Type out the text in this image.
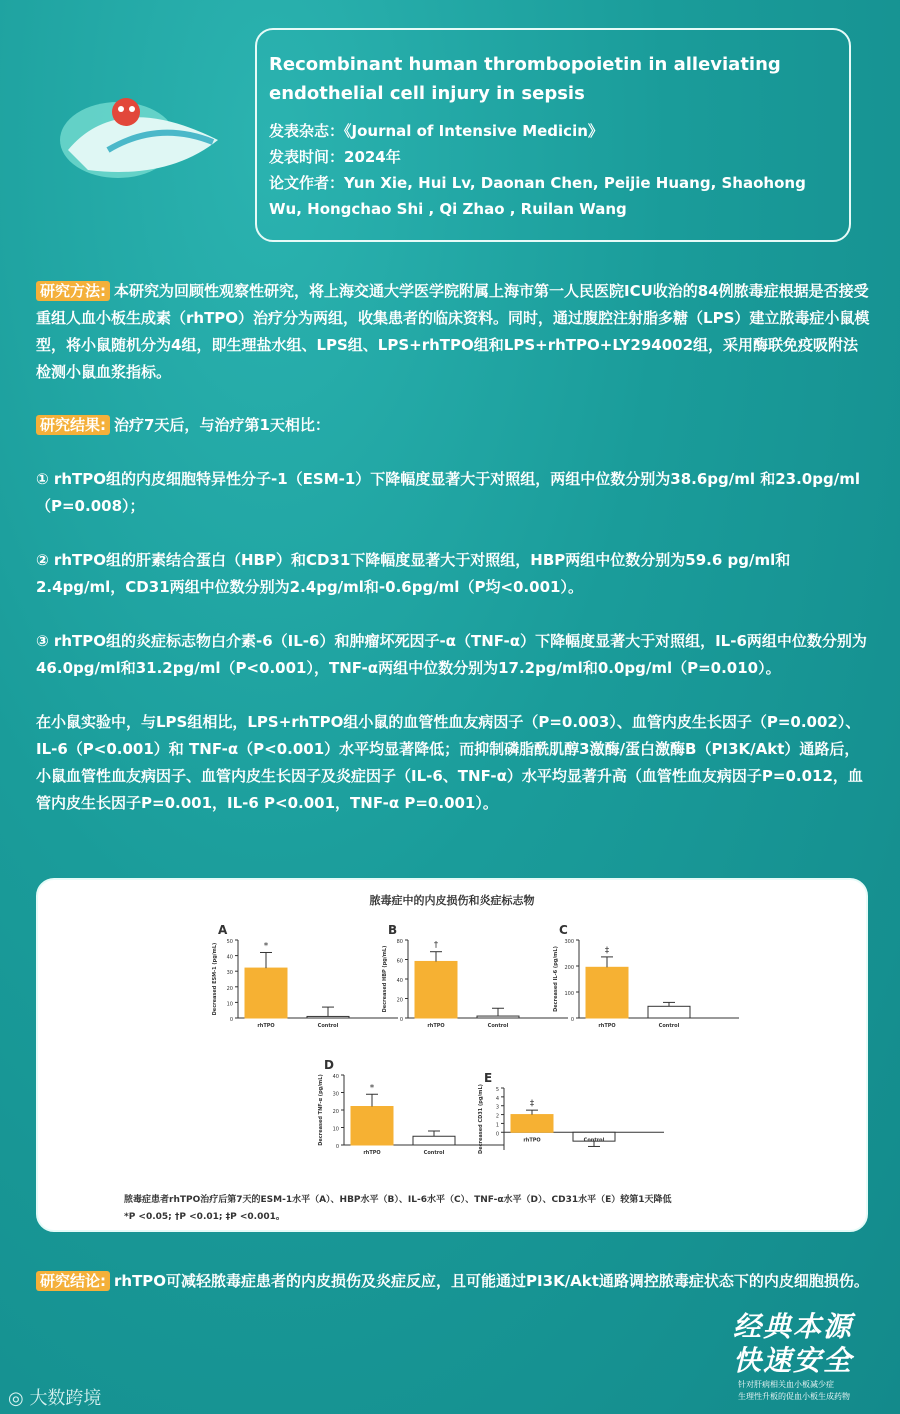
Recombinant human thrombopoietin in alleviating endothelial cell injury in sepsis

发表杂志：《Journal of Intensive Medicin》

发表时间：2024年

论文作者：Yun Xie, Hui Lv, Daonan Chen, Peijie Huang, Shaohong Wu, Hongchao Shi , Qi Zhao , Ruilan Wang

研究方法: 本研究为回顾性观察性研究，将上海交通大学医学院附属上海市第一人民医院ICU收治的84例脓毒症根据是否接受重组人血小板生成素（rhTPO）治疗分为两组，收集患者的临床资料。同时，通过腹腔注射脂多糖（LPS）建立脓毒症小鼠模型，将小鼠随机分为4组，即生理盐水组、LPS组、LPS+rhTPO组和LPS+rhTPO+LY294002组，采用酶联免疫吸附法检测小鼠血浆指标。

研究结果: 治疗7天后，与治疗第1天相比：

① rhTPO组的内皮细胞特异性分子-1（ESM-1）下降幅度显著大于对照组，两组中位数分别为38.6pg/ml 和23.0pg/ml（P=0.008）；

② rhTPO组的肝素结合蛋白（HBP）和CD31下降幅度显著大于对照组，HBP两组中位数分别为59.6 pg/ml和2.4pg/ml，CD31两组中位数分别为2.4pg/ml和-0.6pg/ml（P均<0.001）。

③ rhTPO组的炎症标志物白介素-6（IL-6）和肿瘤坏死因子-α（TNF-α）下降幅度显著大于对照组，IL-6两组中位数分别为46.0pg/ml和31.2pg/ml（P<0.001），TNF-α两组中位数分别为17.2pg/ml和0.0pg/ml（P=0.010）。

在小鼠实验中，与LPS组相比，LPS+rhTPO组小鼠的血管性血友病因子（P=0.003）、血管内皮生长因子（P=0.002）、IL-6（P<0.001）和 TNF-α（P<0.001）水平均显著降低；而抑制磷脂酰肌醇3激酶/蛋白激酶B（PI3K/Akt）通路后，小鼠血管性血友病因子、血管内皮生长因子及炎症因子（IL-6、TNF-α）水平均显著升高（血管性血友病因子P=0.012，血管内皮生长因子P=0.001，IL-6 P<0.001，TNF-α P=0.001）。

脓毒症中的内皮损伤和炎症标志物
A
0
10
20
30
40
50
Decreased ESM-1 (pg/mL)
rhTPO	Control
*
B
0
20
40
60
80
Decreased HBP (pg/mL)
rhTPO	Control
†
C
0
100
200
300
Decreased IL-6 (pg/mL)
rhTPO	Control
‡
D
0
10
20
30
40
Decreased TNF-α (pg/mL)
rhTPO	Control
*
E
0
1
2
3
4
5
Decreased CD31 (pg/mL)	rhTPO	Control
‡
脓毒症患者rhTPO治疗后第7天的ESM-1水平（A）、HBP水平（B）、IL-6水平（C）、TNF-α水平（D）、CD31水平（E）较第1天降低
*P <0.05; †P <0.01; ‡P <0.001。

研究结论: rhTPO可减轻脓毒症患者的内皮损伤及炎症反应，且可能通过PI3K/Akt通路调控脓毒症状态下的内皮细胞损伤。

经典本源

快速安全

针对肝病相关血小板减少症

生理性升板的促血小板生成药物

◎ 大数跨境
